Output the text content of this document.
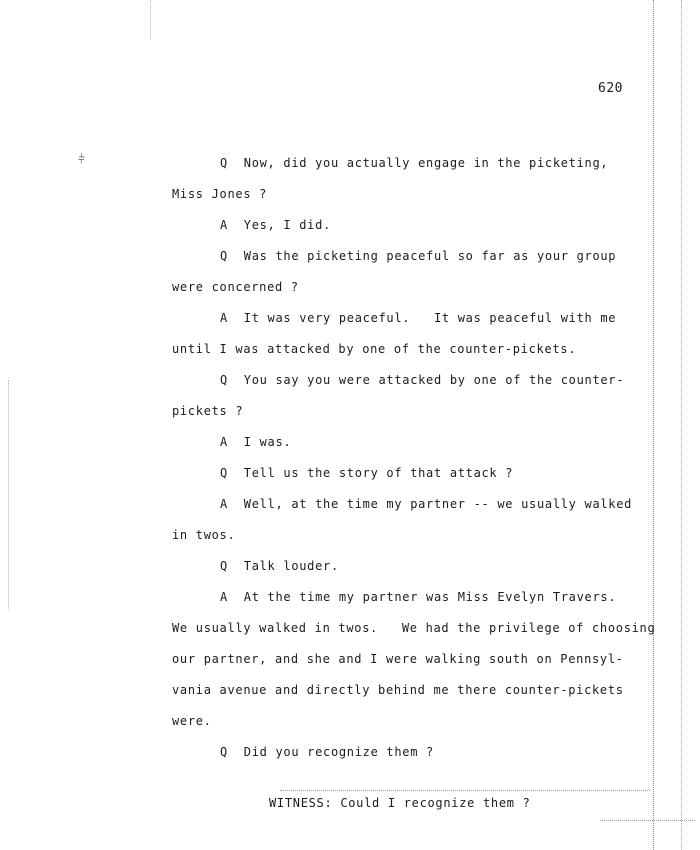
620
⫩	Q  Now, did you actually engage in the picketing,
Miss Jones ?
A  Yes, I did.
Q  Was the picketing peaceful so far as your group
were concerned ?
A  It was very peaceful.   It was peaceful with me
until I was attacked by one of the counter-pickets.
Q  You say you were attacked by one of the counter-
pickets ?
A  I was.
Q  Tell us the story of that attack ?
A  Well, at the time my partner -- we usually walked
in twos.
Q  Talk louder.
A  At the time my partner was Miss Evelyn Travers.
We usually walked in twos.   We had the privilege of choosing
our partner, and she and I were walking south on Pennsyl-
vania avenue and directly behind me there counter-pickets
were.
Q  Did you recognize them ?
WITNESS: Could I recognize them ?
